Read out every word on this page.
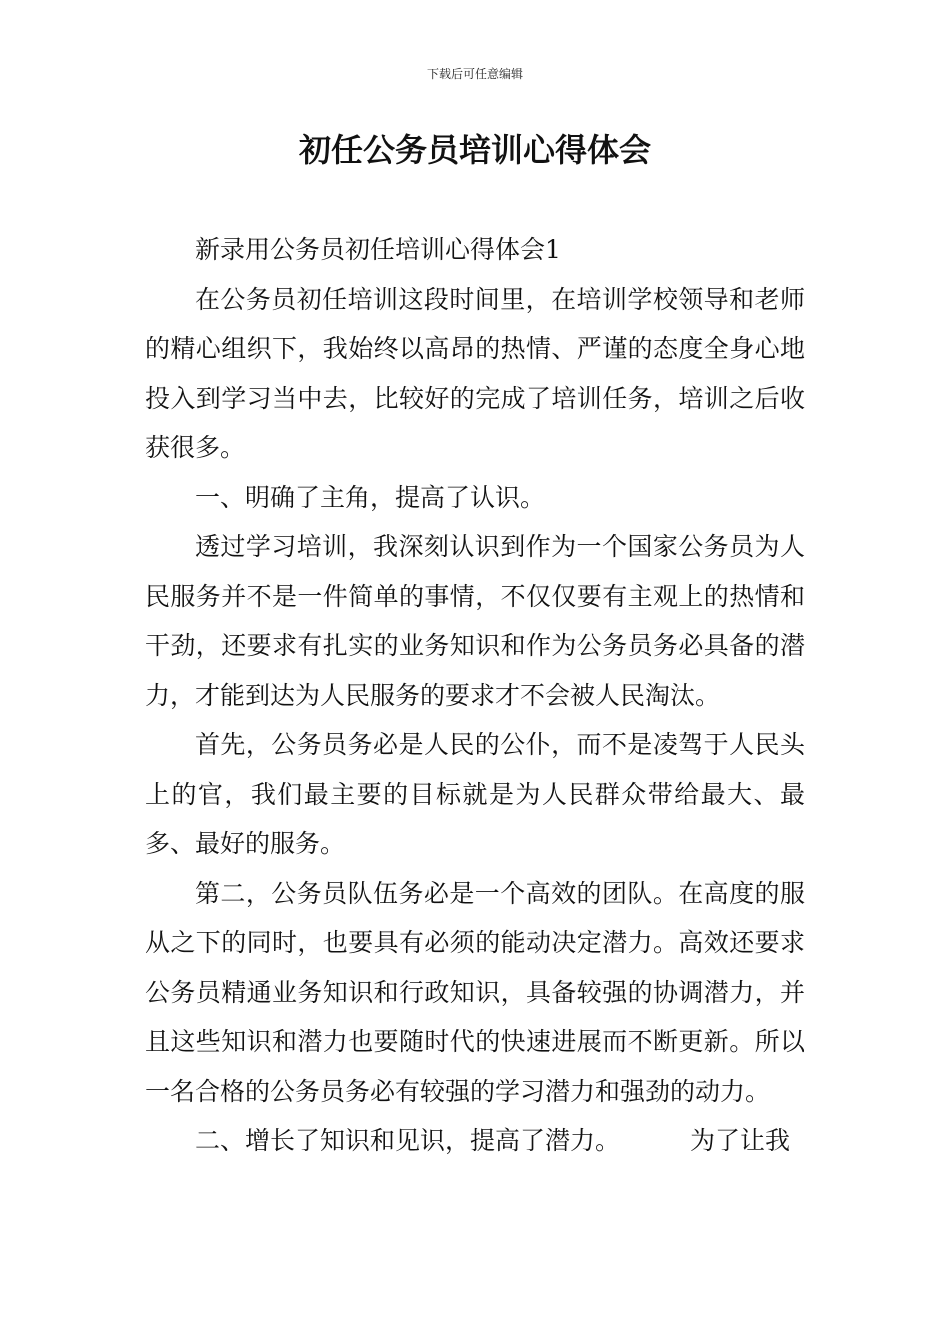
下载后可任意编辑
初任公务员培训心得体会

新录用公务员初任培训心得体会1

在公务员初任培训这段时间里，在培训学校领导和老师的精心组织下，我始终以高昂的热情、严谨的态度全身心地投入到学习当中去，比较好的完成了培训任务，培训之后收获很多。

一、明确了主角，提高了认识。

透过学习培训，我深刻认识到作为一个国家公务员为人民服务并不是一件简单的事情，不仅仅要有主观上的热情和干劲，还要求有扎实的业务知识和作为公务员务必具备的潜力，才能到达为人民服务的要求才不会被人民淘汰。

首先，公务员务必是人民的公仆，而不是凌驾于人民头上的官，我们最主要的目标就是为人民群众带给最大、最多、最好的服务。

第二，公务员队伍务必是一个高效的团队。在高度的服从之下的同时，也要具有必须的能动决定潜力。高效还要求公务员精通业务知识和行政知识，具备较强的协调潜力，并且这些知识和潜力也要随时代的快速进展而不断更新。所以一名合格的公务员务必有较强的学习潜力和强劲的动力。

二、增长了知识和见识，提高了潜力。	为了让我
